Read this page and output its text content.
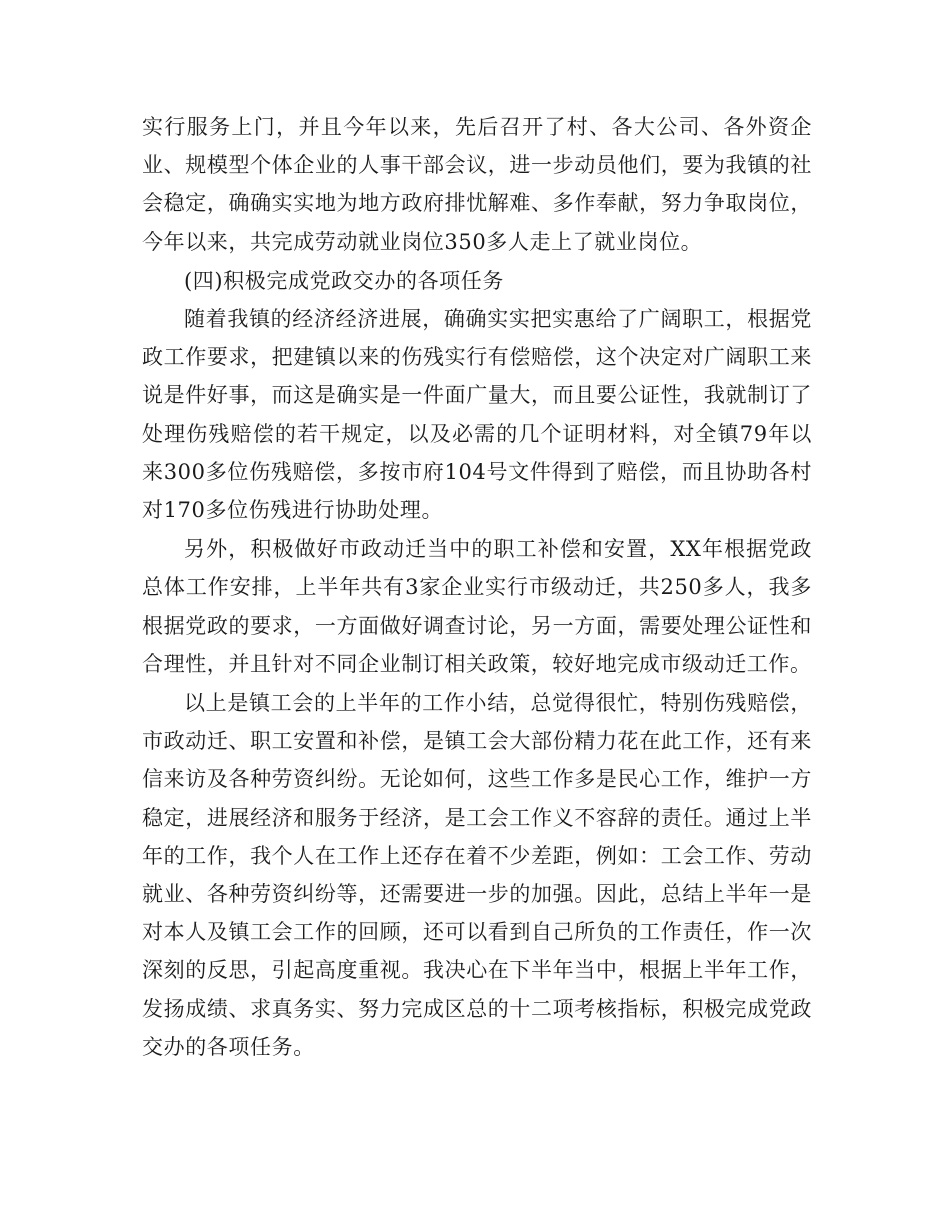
实行服务上门，并且今年以来，先后召开了村、各大公司、各外资企业、规模型个体企业的人事干部会议，进一步动员他们，要为我镇的社会稳定，确确实实地为地方政府排忧解难、多作奉献，努力争取岗位，今年以来，共完成劳动就业岗位350多人走上了就业岗位。

(四)积极完成党政交办的各项任务

随着我镇的经济经济进展，确确实实把实惠给了广阔职工，根据党政工作要求，把建镇以来的伤残实行有偿赔偿，这个决定对广阔职工来说是件好事，而这是确实是一件面广量大，而且要公证性，我就制订了处理伤残赔偿的若干规定，以及必需的几个证明材料，对全镇79年以来300多位伤残赔偿，多按市府104号文件得到了赔偿，而且协助各村对170多位伤残进行协助处理。

另外，积极做好市政动迁当中的职工补偿和安置，XX年根据党政总体工作安排，上半年共有3家企业实行市级动迁，共250多人，我多根据党政的要求，一方面做好调查讨论，另一方面，需要处理公证性和合理性，并且针对不同企业制订相关政策，较好地完成市级动迁工作。

以上是镇工会的上半年的工作小结，总觉得很忙，特别伤残赔偿，市政动迁、职工安置和补偿，是镇工会大部份精力花在此工作，还有来信来访及各种劳资纠纷。无论如何，这些工作多是民心工作，维护一方稳定，进展经济和服务于经济，是工会工作义不容辞的责任。通过上半年的工作，我个人在工作上还存在着不少差距，例如：工会工作、劳动就业、各种劳资纠纷等，还需要进一步的加强。因此，总结上半年一是对本人及镇工会工作的回顾，还可以看到自己所负的工作责任，作一次深刻的反思，引起高度重视。我决心在下半年当中，根据上半年工作，发扬成绩、求真务实、努力完成区总的十二项考核指标，积极完成党政交办的各项任务。
